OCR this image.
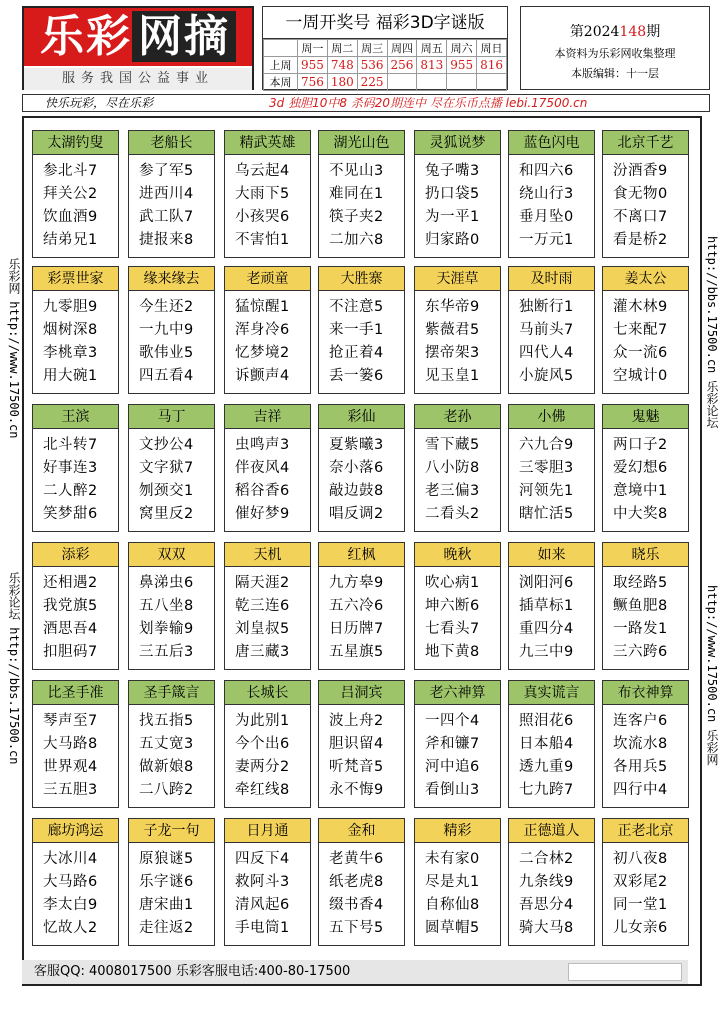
乐彩 网摘
服务我国公益事业
一周开奖号 福彩3D字谜版
	周一	周二	周三	周四	周五	周六	周日
上周	955	748	536	256	813	955	816
本周	756	180	225				
第2024148期
本资料为乐彩网收集整理
本版编辑：十一层
快乐玩彩，尽在乐彩	3d 独胆10中8 杀码20期连中 尽在乐币点播 lebi.17500.cn
太湖钓叟
参北斗7
拜关公2
饮血酒9
结弟兄1
老船长
参了军5
进西川4
武工队7
捷报来8
精武英雄
乌云起4
大雨下5
小孩哭6
不害怕1
湖光山色
不见山3
难同在1
筷子夹2
二加六8
灵狐说梦
兔子嘴3
扔口袋5
为一平1
归家路0
蓝色闪电
和四六6
绕山行3
垂月坠0
一万元1
北京千艺
汾酒香9
食无物0
不离口7
看是桥2
彩票世家
九零胆9
烟树深8
李桃章3
用大碗1
缘来缘去
今生还2
一九中9
歌伟业5
四五看4
老顽童
猛惊醒1
浑身冷6
忆梦境2
诉颤声4
大胜寨
不注意5
来一手1
抢正着4
丢一篓6
天涯草
东华帝9
紫薇君5
摆帝架3
见玉皇1
及时雨
独断行1
马前头7
四代人4
小旋风5
姜太公
灌木林9
七来配7
众一流6
空城计0
王滨
北斗转7
好事连3
二人醉2
笑梦甜6
马丁
文抄公4
文字狱7
刎颈交1
窝里反2
吉祥
虫鸣声3
伴夜风4
稻谷香6
催好梦9
彩仙
夏紫曦3
奈小落6
敲边鼓8
唱反调2
老孙
雪下藏5
八小防8
老三偏3
二看头2
小佛
六九合9
三零胆3
河领先1
瞎忙活5
鬼魅
两口子2
爱幻想6
意境中1
中大奖8
添彩
还相遇2
我党旗5
酒思吾4
扣胆码7
双双
鼻涕虫6
五八坐8
划拳输9
三五后3
天机
隔天涯2
乾三连6
刘皇叔5
唐三藏3
红枫
九方皋9
五六冷6
日历牌7
五星旗5
晚秋
吹心病1
坤六断6
七看头7
地下黄8
如来
浏阳河6
插草标1
重四分4
九三中9
晓乐
取经路5
鳜鱼肥8
一路发1
三六跨6
比圣手准
琴声至7
大马路8
世界观4
三五胆3
圣手箴言
找五指5
五丈宽3
做新娘8
二八跨2
长城长
为此别1
今个出6
妻两分2
牵红线8
吕洞宾
波上舟2
胆识留4
听梵音5
永不悔9
老六神算
一四个4
斧和镰7
河中追6
看倒山3
真实谎言
照泪花6
日本船4
透九重9
七九跨7
布衣神算
连客户6
坎流水8
各用兵5
四行中4
廊坊鸿运
大冰川4
大马路6
李太白9
忆故人2
子龙一句
原狼谜5
乐字谜6
唐宋曲1
走往返2
日月通
四反下4
救阿斗3
清风起6
手电筒1
金和
老黄牛6
纸老虎8
缀书香4
五下号5
精彩
未有家0
尽是丸1
自称仙8
圆草帽5
正德道人
二合林2
九条线9
吾思分4
骑大马8
正老北京
初八夜8
双彩尾2
同一堂1
儿女亲6
客服QQ: 4008017500 乐彩客服电话:400-80-17500
乐彩网 http://www.17500.cn
乐彩论坛 http://bbs.17500.cn
http://bbs.17500.cn 乐彩论坛
http://www.17500.cn 乐彩网
